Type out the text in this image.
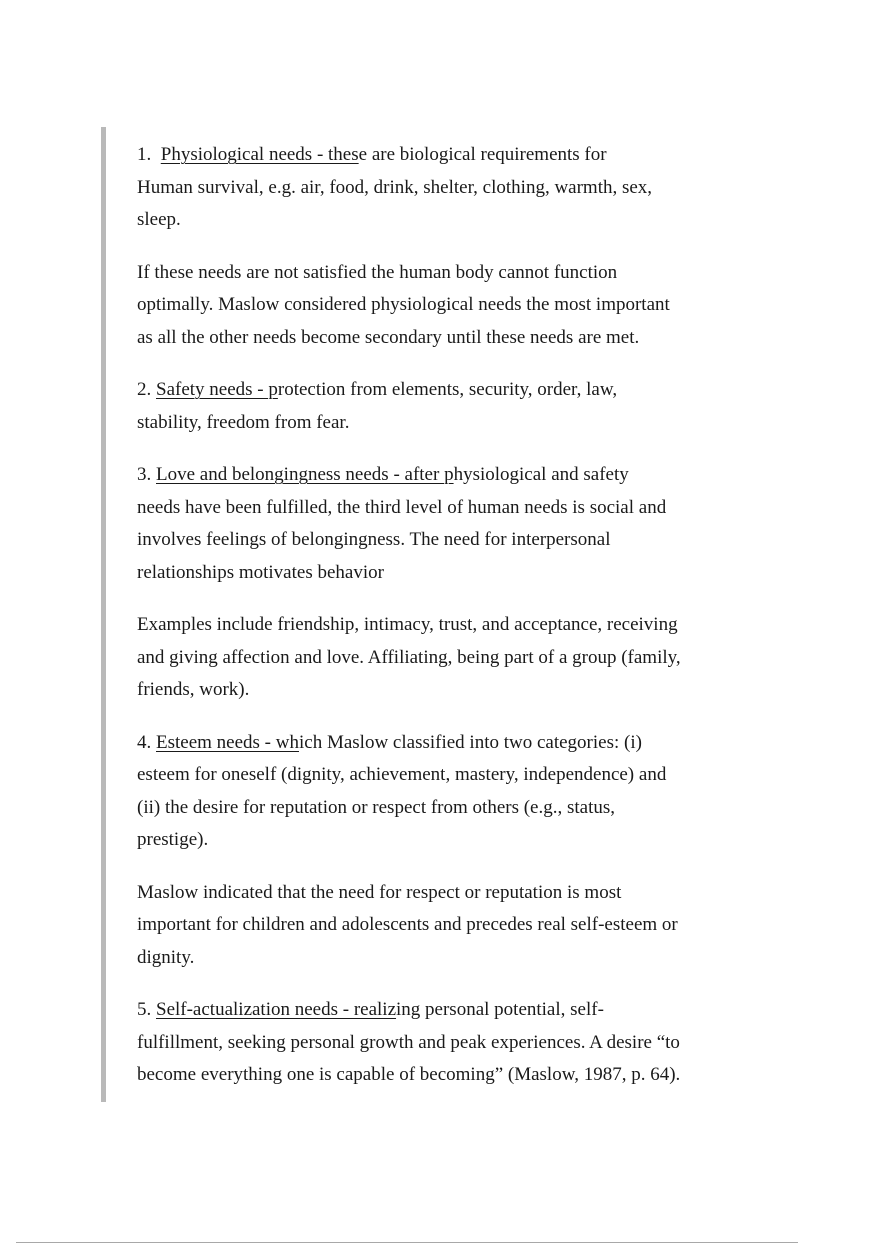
1.  Physiological needs - these are biological requirements for
Human survival, e.g. air, food, drink, shelter, clothing, warmth, sex,
sleep.

If these needs are not satisfied the human body cannot function
optimally. Maslow considered physiological needs the most important
as all the other needs become secondary until these needs are met.

2. Safety needs - protection from elements, security, order, law,
stability, freedom from fear.

3. Love and belongingness needs - after physiological and safety
needs have been fulfilled, the third level of human needs is social and
involves feelings of belongingness. The need for interpersonal
relationships motivates behavior

Examples include friendship, intimacy, trust, and acceptance, receiving
and giving affection and love. Affiliating, being part of a group (family,
friends, work).

4. Esteem needs - which Maslow classified into two categories: (i)
esteem for oneself (dignity, achievement, mastery, independence) and
(ii) the desire for reputation or respect from others (e.g., status,
prestige).

Maslow indicated that the need for respect or reputation is most
important for children and adolescents and precedes real self-esteem or
dignity.

5. Self-actualization needs - realizing personal potential, self-
fulfillment, seeking personal growth and peak experiences. A desire “to
become everything one is capable of becoming” (Maslow, 1987, p. 64).
